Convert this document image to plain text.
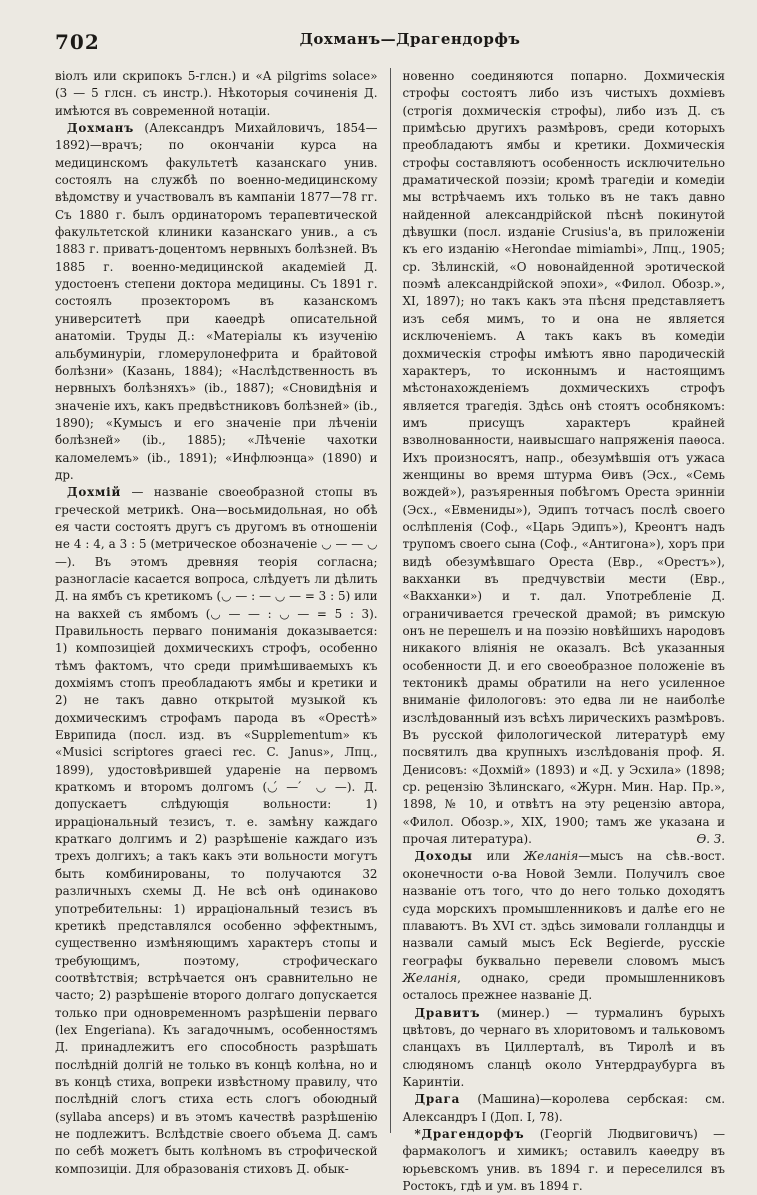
702	Дохманъ—Драгендорфъ

віолъ или скрипокъ 5-глсн.) и «A pilgrims solace» (3 — 5 глсн. съ инстр.). Нѣкоторыя сочиненія Д. имѣются въ современной нотаціи.

Дохманъ (Александръ Михайловичъ, 1854—1892)—врачъ; по окончаніи курса на медицинскомъ факультетѣ казанскаго унив. состоялъ на службѣ по военно-медицинскому вѣдомству и участвовалъ въ кампаніи 1877—78 гг. Съ 1880 г. былъ ординаторомъ терапевтической факультетской клиники казанскаго унив., а съ 1883 г. приватъ-доцентомъ нервныхъ болѣзней. Въ 1885 г. военно-медицинской академіей Д. удостоенъ степени доктора медицины. Съ 1891 г. состоялъ прозекторомъ въ казанскомъ университетѣ при каѳедрѣ описательной анатоміи. Труды Д.: «Матеріалы къ изученію альбуминуріи, гломерулонефрита и брайтовой болѣзни» (Казань, 1884); «Наслѣдственность въ нервныхъ болѣзняхъ» (ib., 1887); «Сновидѣнія и значеніе ихъ, какъ предвѣстниковъ болѣзней» (ib., 1890); «Кумысъ и его значеніе при лѣченіи болѣзней» (ib., 1885); «Лѣченіе чахотки каломелемъ» (ib., 1891); «Инфлюэнца» (1890) и др.

Дохмій — названіе своеобразной стопы въ греческой метрикѣ. Она—восьмидольная, но обѣ ея части состоятъ другъ съ другомъ въ отношеніи не 4 : 4, а 3 : 5 (метрическое обозначеніе ◡ — — ◡ —). Въ этомъ древняя теорія согласна; разногласіе касается вопроса, слѣдуетъ ли дѣлить Д. на ямбъ съ кретикомъ (◡ — : — ◡ — = 3 : 5) или на вакхей съ ямбомъ (◡ — — : ◡ — = 5 : 3). Правильность перваго пониманія доказывается: 1) композиціей дохмическихъ строфъ, особенно тѣмъ фактомъ, что среди примѣшиваемыхъ къ дохміямъ стопъ преобладаютъ ямбы и кретики и 2) не такъ давно открытой музыкой къ дохмическимъ строфамъ парода въ «Орестѣ» Еврипида (посл. изд. въ «Supplementum» къ «Musici scriptores graeci rec. C. Janus», Лпц., 1899), удостовѣрившей удареніе на первомъ краткомъ и второмъ долгомъ (◡́ — ́ ◡ —). Д. допускаетъ слѣдующія вольности: 1) ирраціональный тезисъ, т. е. замѣну каждаго краткаго долгимъ и 2) разрѣшеніе каждаго изъ трехъ долгихъ; а такъ какъ эти вольности могутъ быть комбинированы, то получаются 32 различныхъ схемы Д. Не всѣ онѣ одинаково употребительны: 1) ирраціональный тезисъ въ кретикѣ представлялся особенно эффектнымъ, существенно измѣняющимъ характеръ стопы и требующимъ, поэтому, строфическаго соотвѣтствія; встрѣчается онъ сравнительно не часто; 2) разрѣшеніе второго долгаго допускается только при одновременномъ разрѣшеніи перваго (lex Engeriana). Къ загадочнымъ, особенностямъ Д. принадлежитъ его способность разрѣшать послѣдній долгій не только въ концѣ колѣна, но и въ концѣ стиха, вопреки извѣстному правилу, что послѣдній слогъ стиха есть слогъ обоюдный (syllaba anceps) и въ этомъ качествѣ разрѣшенію не подлежитъ. Вслѣдствіе своего объема Д. самъ по себѣ можетъ быть колѣномъ въ строфической композиціи. Для образованія стиховъ Д. обык-

новенно соединяются попарно. Дохмическія строфы состоятъ либо изъ чистыхъ дохміевъ (строгія дохмическія строфы), либо изъ Д. съ примѣсью другихъ размѣровъ, среди которыхъ преобладаютъ ямбы и кретики. Дохмическія строфы составляютъ особенность исключительно драматической поэзіи; кромѣ трагедіи и комедіи мы встрѣчаемъ ихъ только въ не такъ давно найденной александрійской пѣснѣ покинутой дѣвушки (посл. изданіе Crusius'а, въ приложеніи къ его изданію «Herondae mimiambi», Лпц., 1905; ср. Зѣлинскій, «О новонайденной эротической поэмѣ александрійской эпохи», «Филол. Обозр.», XI, 1897); но такъ какъ эта пѣсня представляетъ изъ себя мимъ, то и она не является исключеніемъ. А такъ какъ въ комедіи дохмическія строфы имѣютъ явно пародическій характеръ, то исконнымъ и настоящимъ мѣстонахожденіемъ дохмическихъ строфъ является трагедія. Здѣсь онѣ стоятъ особнякомъ: имъ присущъ характеръ крайней взволнованности, наивысшаго напряженія паѳоса. Ихъ произносятъ, напр., обезумѣвшія отъ ужаса женщины во время штурма Ѳивъ (Эсх., «Семь вождей»), разъяренныя побѣгомъ Ореста эринніи (Эсх., «Евмениды»), Эдипъ тотчасъ послѣ своего ослѣпленія (Соф., «Царь Эдипъ»), Креонтъ надъ трупомъ своего сына (Соф., «Антигона»), хоръ при видѣ обезумѣвшаго Ореста (Евр., «Орестъ»), вакханки въ предчувствіи мести (Евр., «Вакханки») и т. дал. Употребленіе Д. ограничивается греческой драмой; въ римскую онъ не перешелъ и на поэзію новѣйшихъ народовъ никакого вліянія не оказалъ. Всѣ указанныя особенности Д. и его своеобразное положеніе въ тектоникѣ драмы обратили на него усиленное вниманіе филологовъ: это едва ли не наиболѣе изслѣдованный изъ всѣхъ лирическихъ размѣровъ. Въ русской филологической литературѣ ему посвятилъ два крупныхъ изслѣдованія проф. Я. Денисовъ: «Дохмій» (1893) и «Д. у Эсхила» (1898; ср. рецензію Зѣлинскаго, «Журн. Мин. Нар. Пр.», 1898, № 10, и отвѣтъ на эту рецензію автора, «Филол. Обозр.», XIX, 1900; тамъ же указана и прочая литература).	Ѳ. З.

Доходы или Желанія—мысъ на сѣв.-вост. оконечности о-ва Новой Земли. Получилъ свое названіе отъ того, что до него только доходятъ суда морскихъ промышленниковъ и далѣе его не плаваютъ. Въ XVI ст. здѣсь зимовали голландцы и назвали самый мысъ Eck Begierde, русскіе географы буквально перевели словомъ мысъ Желанія, однако, среди промышленниковъ осталось прежнее названіе Д.

Дравитъ (минер.) — турмалинъ бурыхъ цвѣтовъ, до чернаго въ хлоритовомъ и тальковомъ сланцахъ въ Циллерталѣ, въ Тиролѣ и въ слюдяномъ сланцѣ около Унтердраубурга въ Каринтіи.

Драга (Машина)—королева сербская: см. Александръ I (Доп. I, 78).

*Драгендорфъ (Георгій Людвиговичъ) —фармакологъ и химикъ; оставилъ каѳедру въ юрьевскомъ унив. въ 1894 г. и переселился въ Ростокъ, гдѣ и ум. въ 1894 г.
